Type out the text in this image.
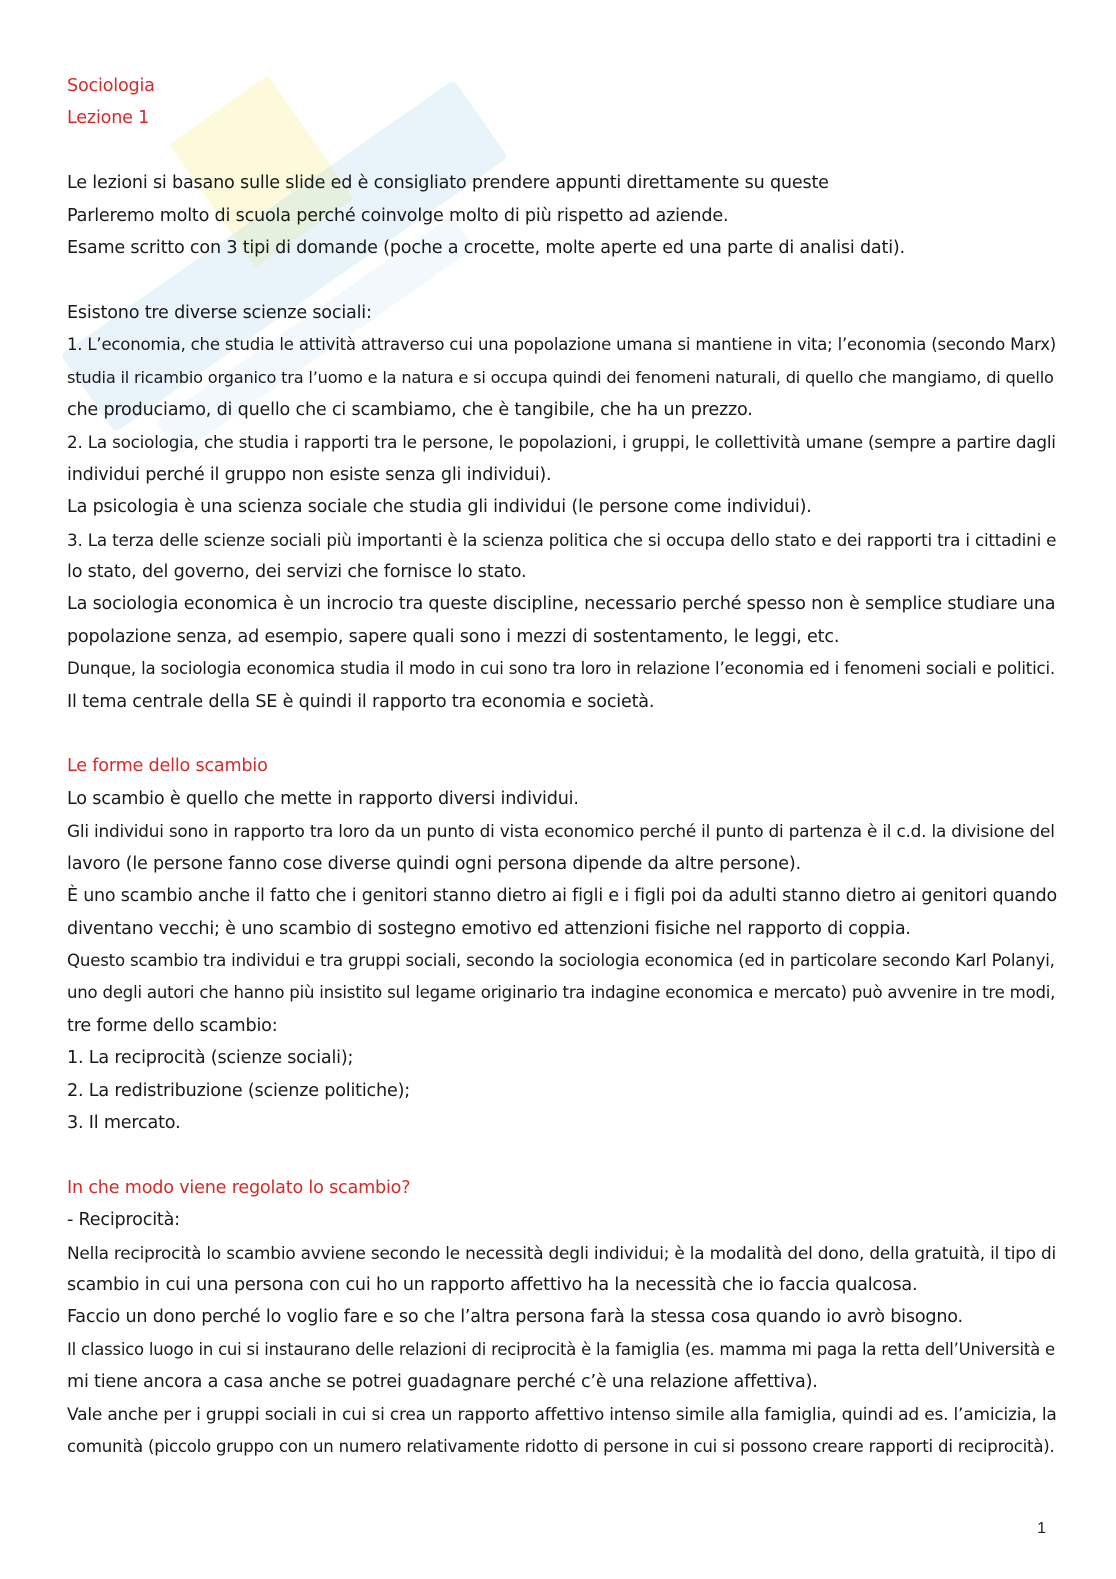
Sociologia
Lezione 1
Le lezioni si basano sulle slide ed è consigliato prendere appunti direttamente su queste
Parleremo molto di scuola perché coinvolge molto di più rispetto ad aziende.
Esame scritto con 3 tipi di domande (poche a crocette, molte aperte ed una parte di analisi dati).
Esistono tre diverse scienze sociali:
1. L’economia, che studia le attività attraverso cui una popolazione umana si mantiene in vita; l’economia (secondo Marx)
studia il ricambio organico tra l’uomo e la natura e si occupa quindi dei fenomeni naturali, di quello che mangiamo, di quello
che produciamo, di quello che ci scambiamo, che è tangibile, che ha un prezzo.
2. La sociologia, che studia i rapporti tra le persone, le popolazioni, i gruppi, le collettività umane (sempre a partire dagli
individui perché il gruppo non esiste senza gli individui).
La psicologia è una scienza sociale che studia gli individui (le persone come individui).
3. La terza delle scienze sociali più importanti è la scienza politica che si occupa dello stato e dei rapporti tra i cittadini e
lo stato, del governo, dei servizi che fornisce lo stato.
La sociologia economica è un incrocio tra queste discipline, necessario perché spesso non è semplice studiare una
popolazione senza, ad esempio, sapere quali sono i mezzi di sostentamento, le leggi, etc.
Dunque, la sociologia economica studia il modo in cui sono tra loro in relazione l’economia ed i fenomeni sociali e politici.
Il tema centrale della SE è quindi il rapporto tra economia e società.
Le forme dello scambio
Lo scambio è quello che mette in rapporto diversi individui.
Gli individui sono in rapporto tra loro da un punto di vista economico perché il punto di partenza è il c.d. la divisione del
lavoro (le persone fanno cose diverse quindi ogni persona dipende da altre persone).
È uno scambio anche il fatto che i genitori stanno dietro ai figli e i figli poi da adulti stanno dietro ai genitori quando
diventano vecchi; è uno scambio di sostegno emotivo ed attenzioni fisiche nel rapporto di coppia.
Questo scambio tra individui e tra gruppi sociali, secondo la sociologia economica (ed in particolare secondo Karl Polanyi,
uno degli autori che hanno più insistito sul legame originario tra indagine economica e mercato) può avvenire in tre modi,
tre forme dello scambio:
1. La reciprocità (scienze sociali);
2. La redistribuzione (scienze politiche);
3. Il mercato.
In che modo viene regolato lo scambio?
- Reciprocità:
Nella reciprocità lo scambio avviene secondo le necessità degli individui; è la modalità del dono, della gratuità, il tipo di
scambio in cui una persona con cui ho un rapporto affettivo ha la necessità che io faccia qualcosa.
Faccio un dono perché lo voglio fare e so che l’altra persona farà la stessa cosa quando io avrò bisogno.
Il classico luogo in cui si instaurano delle relazioni di reciprocità è la famiglia (es. mamma mi paga la retta dell’Università e
mi tiene ancora a casa anche se potrei guadagnare perché c’è una relazione affettiva).
Vale anche per i gruppi sociali in cui si crea un rapporto affettivo intenso simile alla famiglia, quindi ad es. l’amicizia, la
comunità (piccolo gruppo con un numero relativamente ridotto di persone in cui si possono creare rapporti di reciprocità).
1
